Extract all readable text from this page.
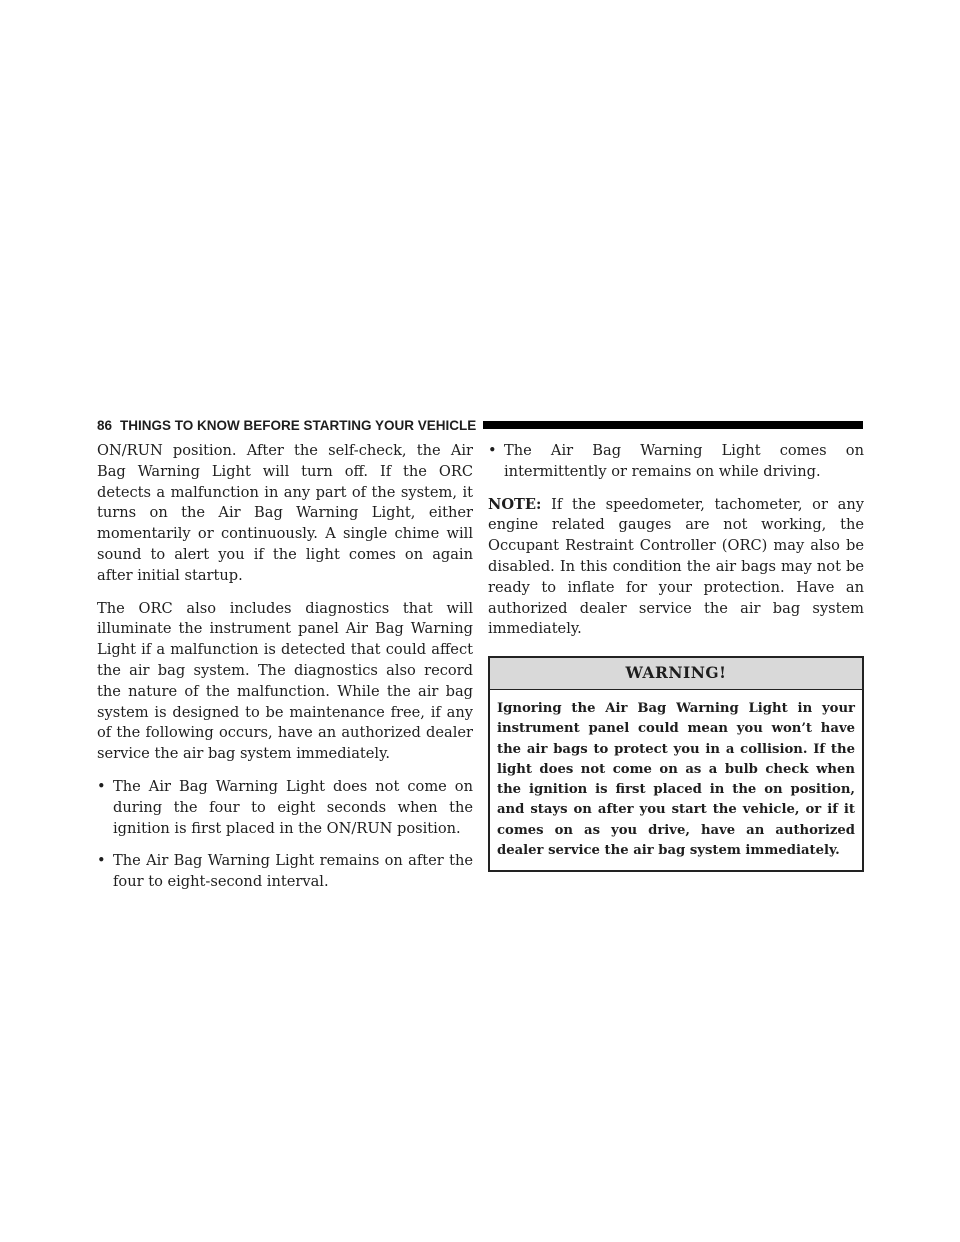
86 THINGS TO KNOW BEFORE STARTING YOUR VEHICLE

ON/RUN position. After the self-check, the Air Bag Warning Light will turn off. If the ORC detects a malfunction in any part of the system, it turns on the Air Bag Warning Light, either momentarily or continuously. A single chime will sound to alert you if the light comes on again after initial startup.

The ORC also includes diagnostics that will illuminate the instrument panel Air Bag Warning Light if a malfunction is detected that could affect the air bag system. The diagnostics also record the nature of the malfunction. While the air bag system is designed to be maintenance free, if any of the following occurs, have an authorized dealer service the air bag system immediately.

• The Air Bag Warning Light does not come on during the four to eight seconds when the ignition is first placed in the ON/RUN position.
• The Air Bag Warning Light remains on after the four to eight-second interval.
• The Air Bag Warning Light comes on intermittently or remains on while driving.

NOTE: If the speedometer, tachometer, or any engine related gauges are not working, the Occupant Restraint Controller (ORC) may also be disabled. In this condition the air bags may not be ready to inflate for your protection. Have an authorized dealer service the air bag system immediately.

WARNING!
Ignoring the Air Bag Warning Light in your instrument panel could mean you won’t have the air bags to protect you in a collision. If the light does not come on as a bulb check when the ignition is first placed in the on position, and stays on after you start the vehicle, or if it comes on as you drive, have an authorized dealer service the air bag system immediately.
